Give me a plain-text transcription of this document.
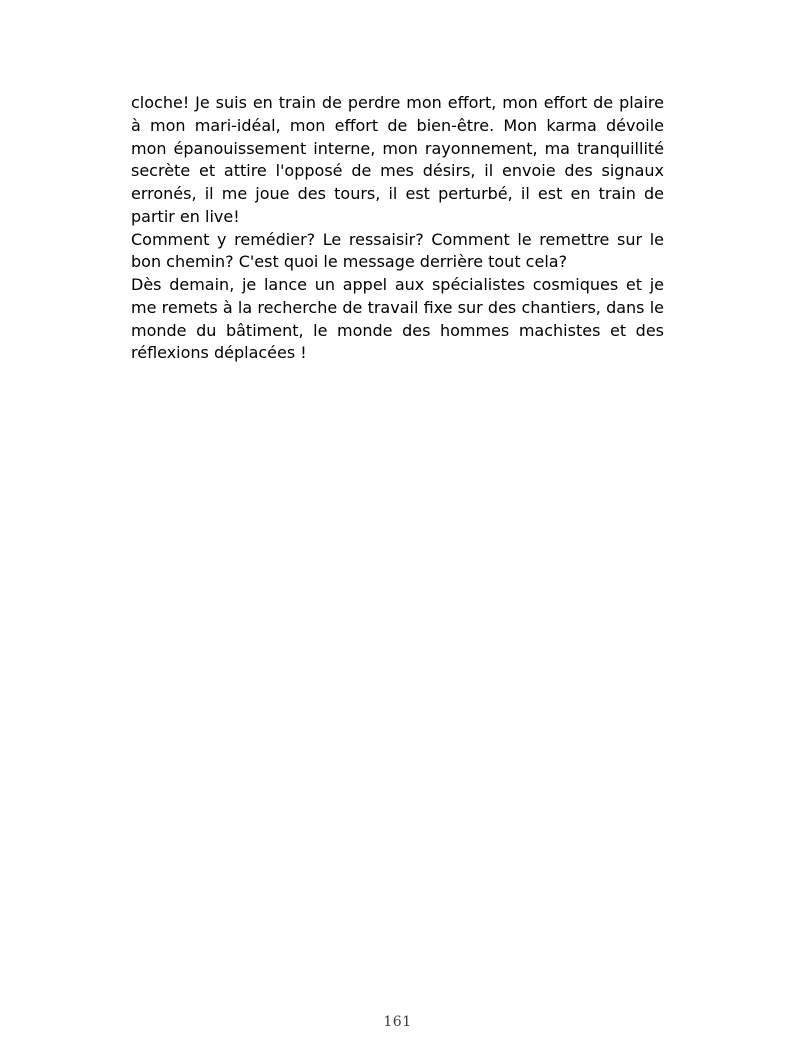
cloche! Je suis en train de perdre mon effort, mon effort de plaire à mon mari-idéal, mon effort de bien-être. Mon karma dévoile mon épanouissement interne, mon rayonnement, ma tranquillité secrète et attire l'opposé de mes désirs, il envoie des signaux erronés, il me joue des tours, il est perturbé, il est en train de partir en live!

Comment y remédier? Le ressaisir? Comment le remettre sur le bon chemin? C'est quoi le message derrière tout cela?

Dès demain, je lance un appel aux spécialistes cosmiques et je me remets à la recherche de travail fixe sur des chantiers, dans le monde du bâtiment, le monde des hommes machistes et des réflexions déplacées !

161
